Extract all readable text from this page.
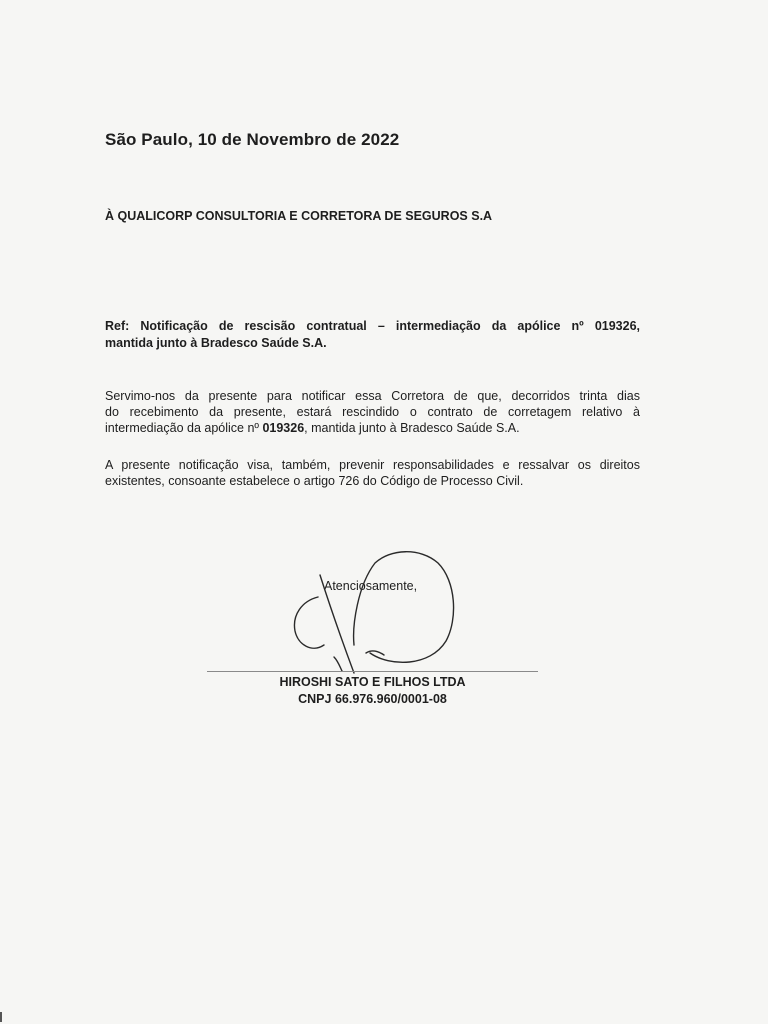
São Paulo, 10 de Novembro de 2022
À QUALICORP CONSULTORIA E CORRETORA DE SEGUROS S.A
Ref: Notificação de rescisão contratual – intermediação da apólice nº 019326,
mantida junto à Bradesco Saúde S.A.
Servimo-nos da presente para notificar essa Corretora de que, decorridos trinta dias
do recebimento da presente, estará rescindido o contrato de corretagem relativo à
intermediação da apólice nº 019326, mantida junto à Bradesco Saúde S.A.
A presente notificação visa, também, prevenir responsabilidades e ressalvar os direitos
existentes, consoante estabelece o artigo 726 do Código de Processo Civil.
Atenciosamente,
HIROSHI SATO E FILHOS LTDA
CNPJ 66.976.960/0001-08
